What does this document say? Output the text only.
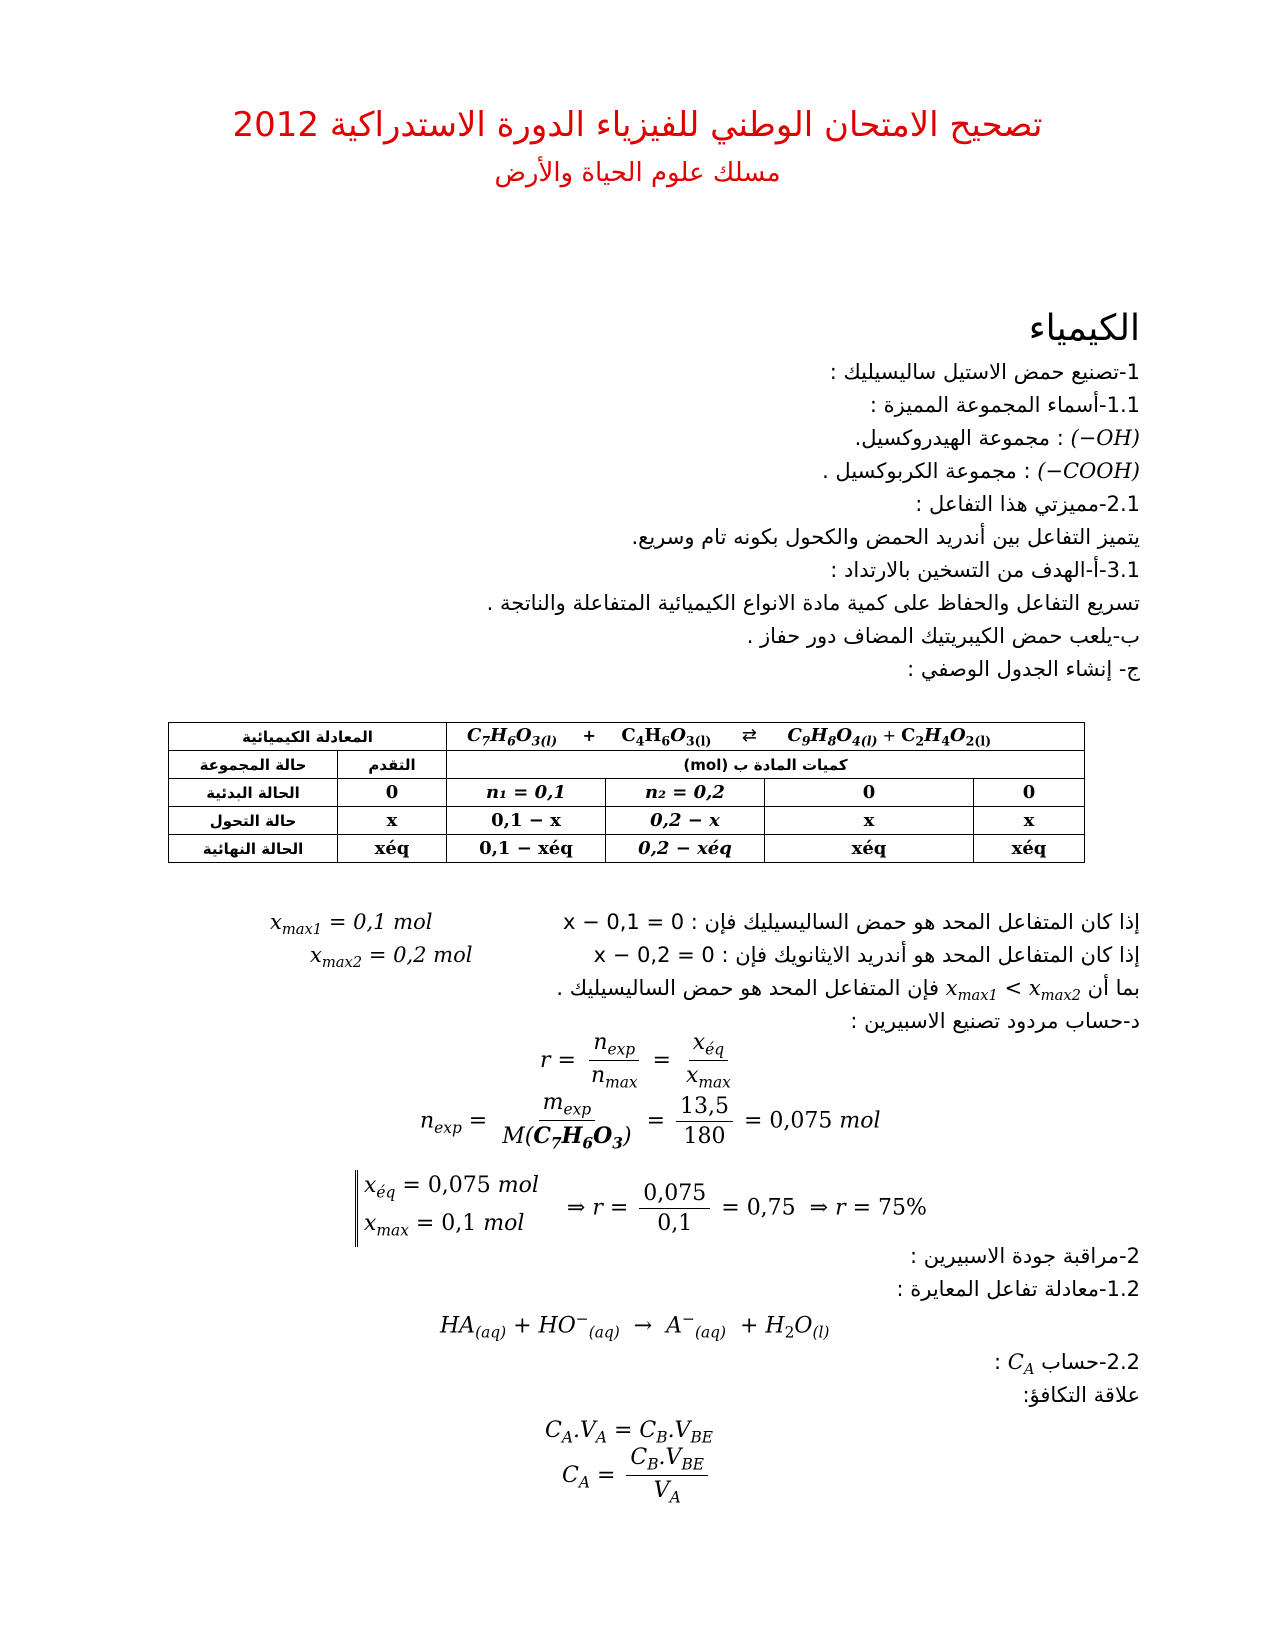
تصحيح الامتحان الوطني للفيزياء الدورة الاستدراكية 2012
مسلك علوم الحياة والأرض
الكيمياء
1-تصنيع حمض الاستيل ساليسيليك :
1.1-أسماء المجموعة المميزة :
(−OH) : مجموعة الهيدروكسيل.
(−COOH) : مجموعة الكربوكسيل .
2.1-مميزتي هذا التفاعل :
يتميز التفاعل بين أندريد الحمض والكحول بكونه تام وسريع.
3.1-أ-الهدف من التسخين بالارتداد :
تسريع التفاعل والحفاظ على كمية مادة الانواع الكيميائية المتفاعلة والناتجة .
ب-يلعب حمض الكيبريتيك المضاف دور حفاز .
ج- إنشاء الجدول الوصفي :
المعادلة الكيميائية		$C_7H_6O_{3(l)} + C_4H_6O_{3(l)}$ ⇄ $C_9H_8O_{4(l)} + C_2H_4O_{2(l)}$
حالة المجموعة	التقدم	كميات المادة ب (mol)			
الحالة البدئية	0	n₁ = 0,1	n₂ = 0,2	0	0
حالة التحول	x	0,1 − x	0,2 − x	x	x
الحالة النهائية	xéq	0,1 − xéq	0,2 − xéq	xéq	xéq
$x_{max1} = 0,1$ mol	إذا كان المتفاعل المحد هو حمض الساليسيليك فإن : 0 = 0,1 − x
$x_{max2} = 0,2$ mol	إذا كان المتفاعل المحد هو أندريد الايثانويك فإن : 0 = 0,2 − x
بما أن $x_{max1} < x_{max2}$ فإن المتفاعل المحد هو حمض الساليسيليك .
د-حساب مردود تصنيع الاسبيرين :
$r = \frac{n_{exp}}{n_{max}} = \frac{x_{éq}}{x_{max}}$
$n_{exp} = \frac{m_{exp}}{M(C_7H_6O_3)} = \frac{13,5}{180} = 0,075$ mol
$x_{éq} = 0,075$ mol
$x_{max} = 0,1$ mol    ⇒ $r = \frac{0,075}{0,1} = 0,75$  ⇒ r = 75%
2-مراقبة جودة الاسبيرين :
1.2-معادلة تفاعل المعايرة :
$HA_{(aq)} + HO^-_{(aq)} \to A^-_{(aq)} + H_2O_{(l)}$
2.2-حساب $C_A$ :
علاقة التكافؤ:
$C_A.V_A = C_B.V_{BE}$
$C_A = \frac{C_B.V_{BE}}{V_A}$
